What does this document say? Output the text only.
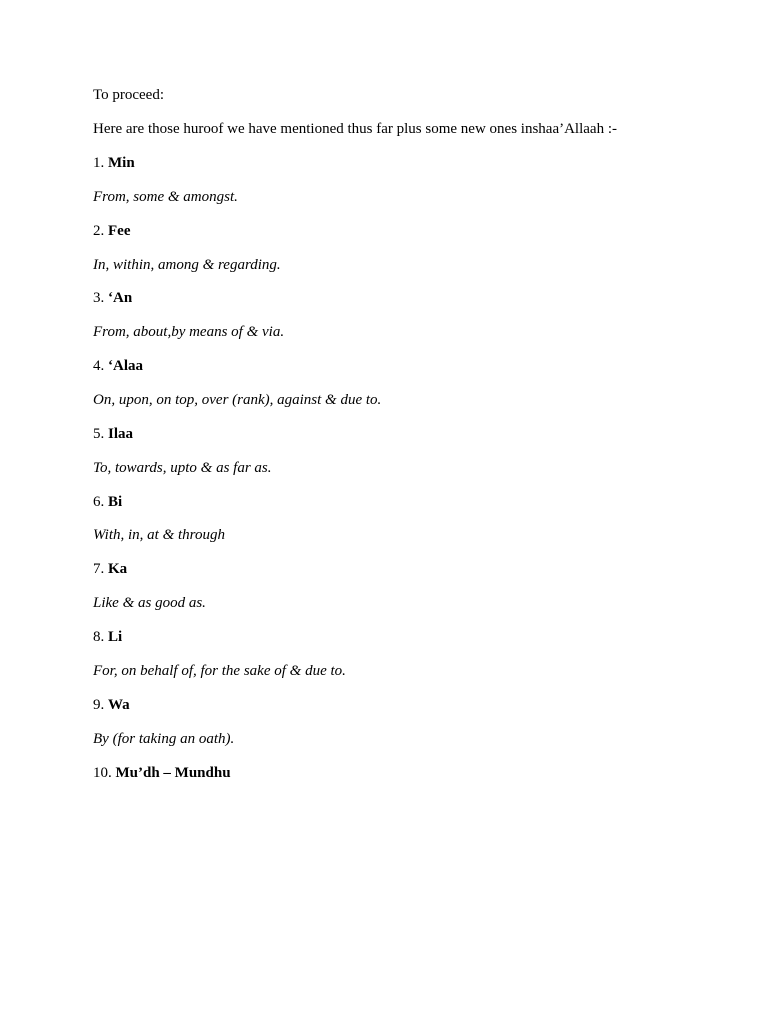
To proceed:
Here are those huroof we have mentioned thus far plus some new ones inshaa’Allaah :-
1. Min
From, some & amongst.
2. Fee
In, within, among & regarding.
3. ‘An
From, about,by means of & via.
4. ‘Alaa
On, upon, on top, over (rank), against & due to.
5. Ilaa
To, towards, upto & as far as.
6. Bi
With, in, at & through
7. Ka
Like & as good as.
8. Li
For, on behalf of, for the sake of & due to.
9. Wa
By (for taking an oath).
10. Mu’dh – Mundhu
